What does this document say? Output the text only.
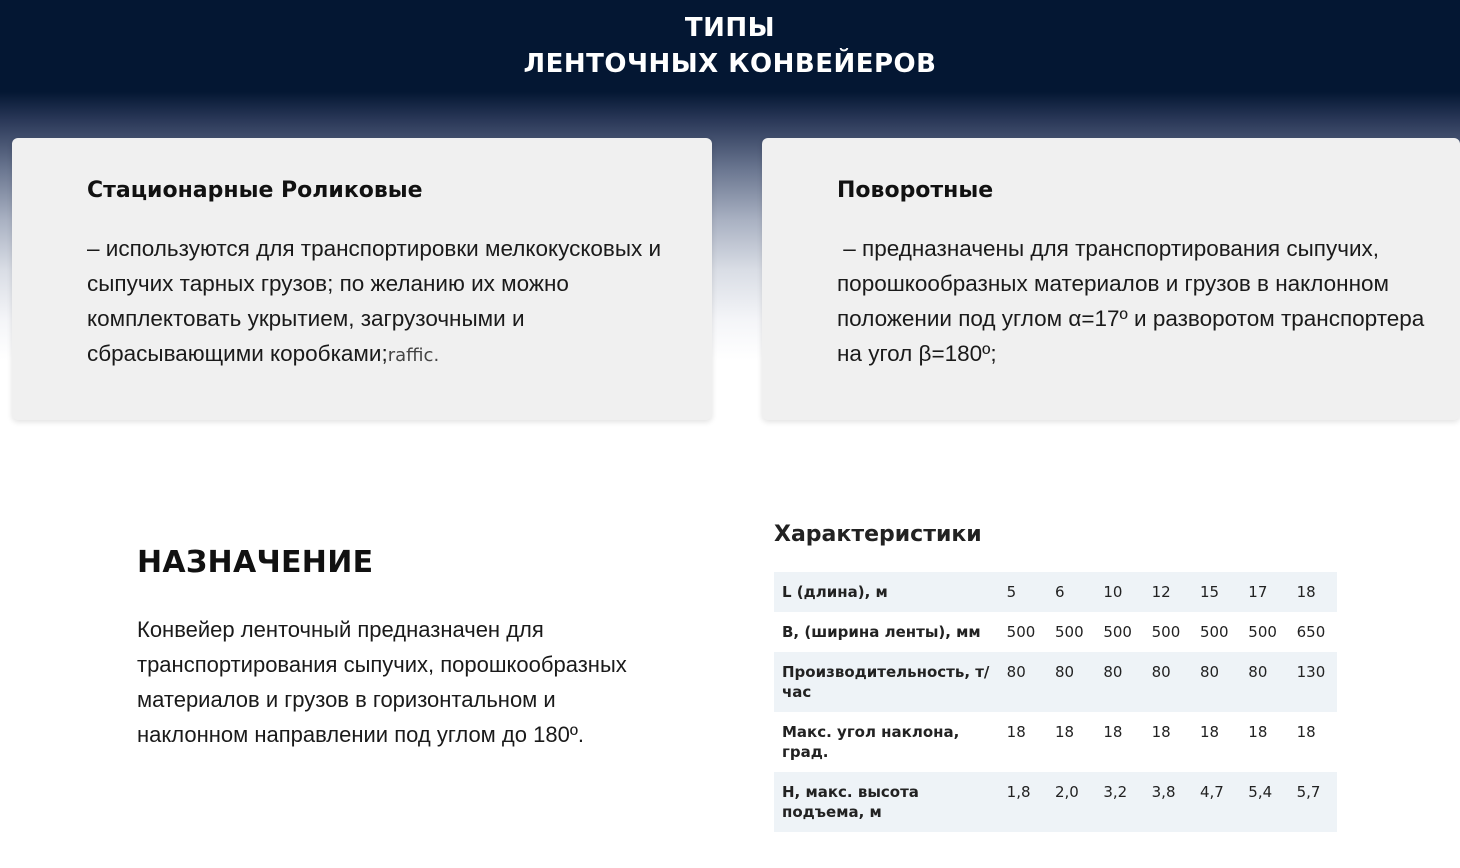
ТИПЫ
ЛЕНТОЧНЫХ КОНВЕЙЕРОВ
Стационарные Роликовые
– используются для транспортировки мелкокусковых и сыпучих тарных грузов; по желанию их можно комплектовать укрытием, загрузочными и сбрасывающими коробками;raffic.
Поворотные
– предназначены для транспортирования сыпучих, порошкообразных материалов и грузов в наклонном положении под углом α=17º и разворотом транспортера на угол β=180º;
НАЗНАЧЕНИЕ
Конвейер ленточный предназначен для транспортирования сыпучих, порошкообразных материалов и грузов в горизонтальном и наклонном направлении под углом до 180º.
Характеристики
L (длина), м	5	6	10	12	15	17	18
B, (ширина ленты), мм	500	500	500	500	500	500	650
Производительность, т/час	80	80	80	80	80	80	130
Макс. угол наклона, град.	18	18	18	18	18	18	18
H, макс. высота подъема, м	1,8	2,0	3,2	3,8	4,7	5,4	5,7
